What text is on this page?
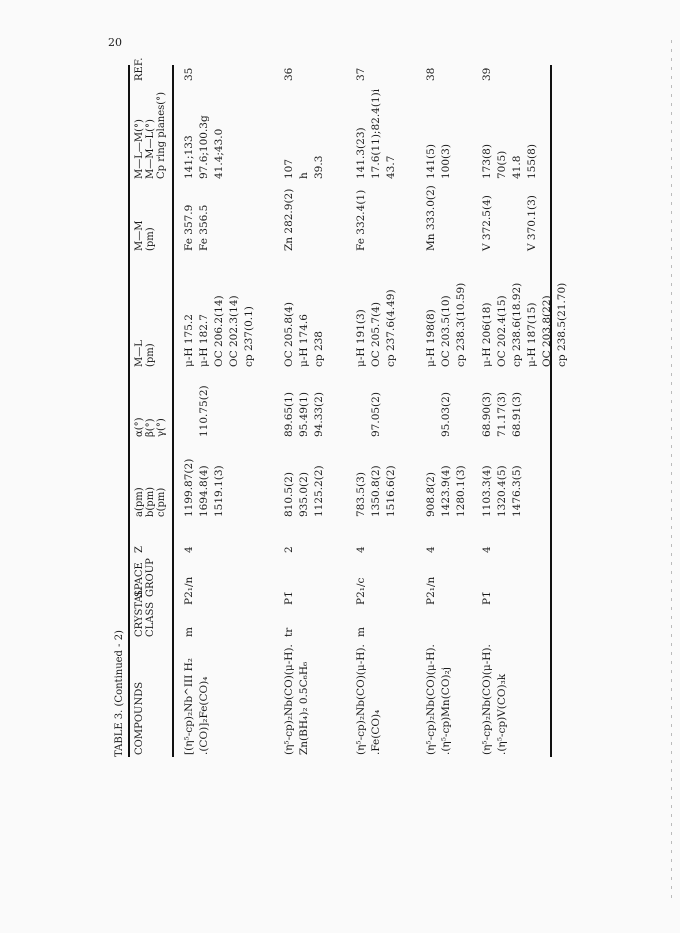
20
TABLE 3. (Continued - 2) COMPOUNDS
CRYSTAL CLASS
SPACE GROUP
Z
a(pm) b(pm) c(pm)
α(°) β(°) γ(°)
M—L (pm)
M—M (pm)
M—L—M(°) M—M—L(°) Cp ring planes(°)
REF.
[(η⁵-cp)₂Nb^III H₂ .(CO)]₂Fe(CO)₄
m
P2₁/n
4
1199.87(2) 1694.8(4) 1519.1(3)
110.75(2)
μ-H 175.2 μ-H 182.7 OC 206.2(14) OC 202.3(14) cp 237(0.1)
Fe 357.9 Fe 356.5
141;133 97.6;100.3g 41.4;43.0
35
(η⁵-cp)₂Nb(CO)(μ-H). Zn(BH₄)₂ 0.5C₆H₆
tr
P1̄
2
810.5(2) 935.0(2) 1125.2(2)
89.65(1) 95.49(1) 94.33(2)
OC 205.8(4) μ-H 174.6 cp 238
Zn 282.9(2)
107 h 39.3
36
(η⁵-cp)₂Nb(CO)(μ-H). .Fe(CO)₄
m
P2₁/c
4
783.5(3) 1350.8(2) 1516.6(2)
97.05(2)
μ-H 191(3) OC 205.7(4) cp 237.6(4.49)
Fe 332.4(1)
141.3(23) 17.6(11);82.4(1)i 43.7
37
(η⁵-cp)₂Nb(CO)(μ-H). .(η⁵-cp)Mn(CO)₂j
P2₁/n
4
908.8(2) 1423.9(4) 1280.1(3)
95.03(2)
μ-H 198(8) OC 203.5(10) cp 238.3(10.59)
Mn 333.0(2)
141(5) 100(3)
38
(η⁵-cp)₂Nb(CO)(μ-H). .(η⁵-cp)V(CO)₃k
P1̄
4
1103.3(4) 1320.4(5) 1476.3(5)
68.90(3) 71.17(3) 68.91(3)
μ-H 206(18) OC 202.4(15) cp 238.6(18.92) μ-H 187(15) OC 203.8(22) cp 238.5(21.70)
V 372.5(4)	V 370.1(3)
173(8) 70(5) 41.8 155(8)
39
